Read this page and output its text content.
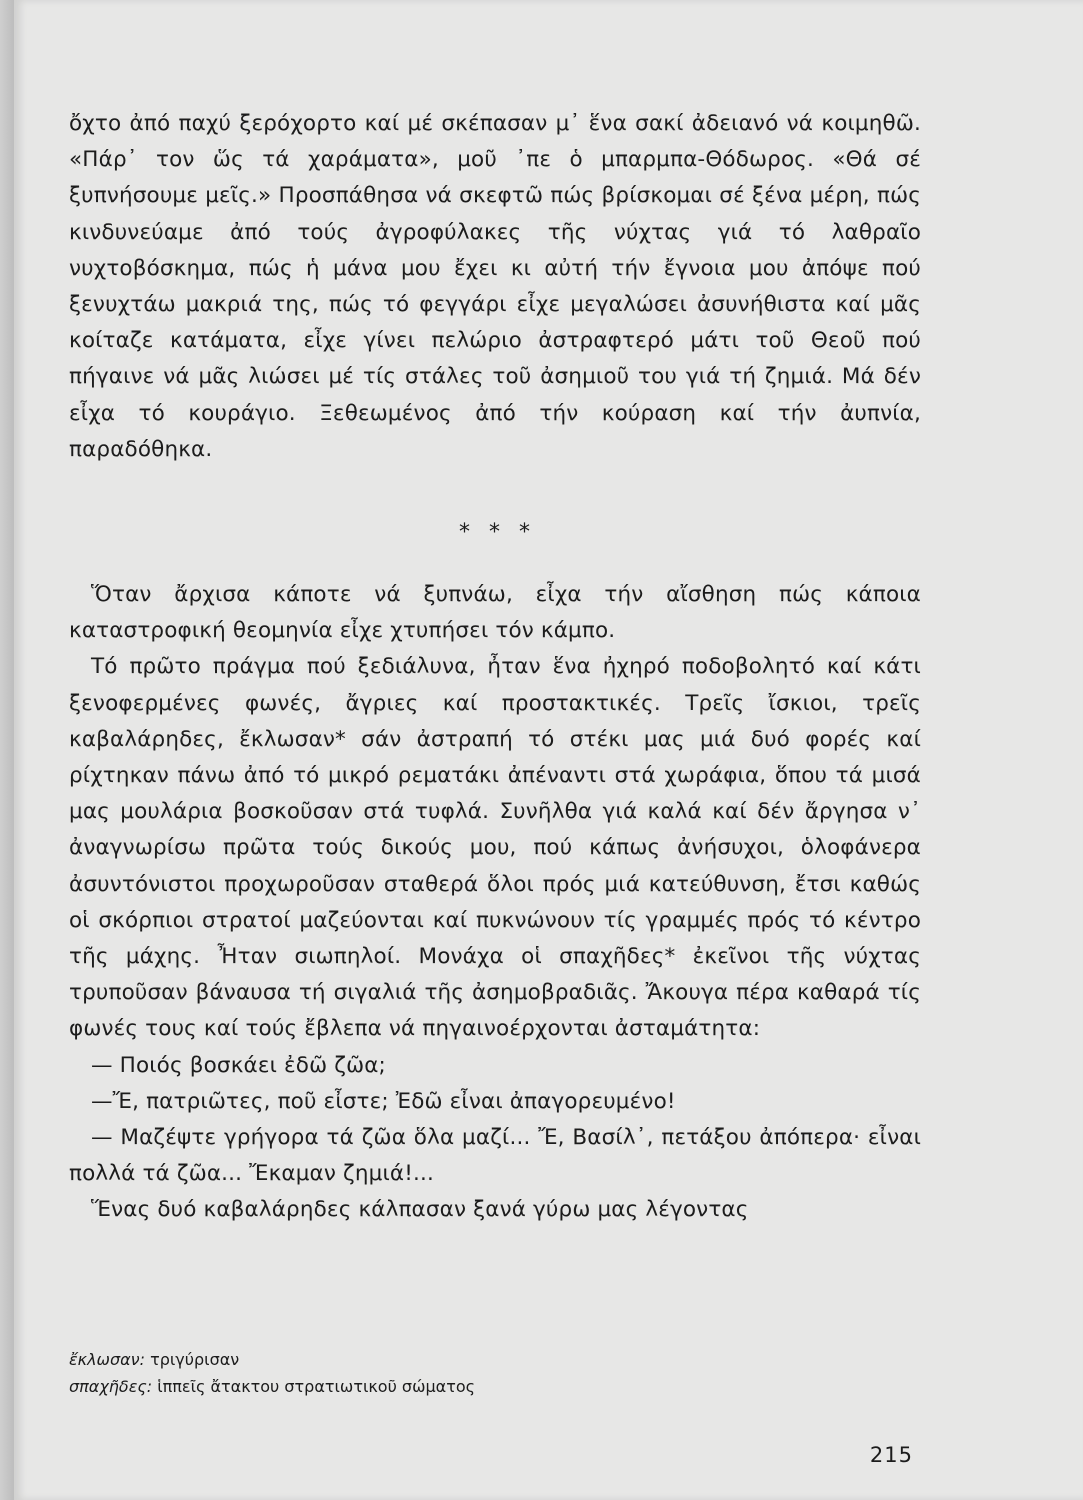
ὄχτο ἀπό παχύ ξερόχορτο καί μέ σκέπασαν μ᾽ ἕνα σακί ἀδειανό νά κοιμηθῶ. «Πάρ᾽ τον ὥς τά χαράματα», μοῦ ᾽πε ὁ μπαρμπα-Θόδωρος. «Θά σέ ξυπνήσουμε μεῖς.» Προσπάθησα νά σκεφτῶ πώς βρίσκομαι σέ ξένα μέρη, πώς κινδυνεύαμε ἀπό τούς ἀγροφύλακες τῆς νύχτας γιά τό λαθραῖο νυχτοβόσκημα, πώς ἡ μάνα μου ἔχει κι αὐτή τήν ἔγνοια μου ἀπόψε πού ξενυχτάω μακριά της, πώς τό φεγγάρι εἶχε μεγαλώσει ἀσυνήθιστα καί μᾶς κοίταζε κατάματα, εἶχε γίνει πελώριο ἀστραφτερό μάτι τοῦ Θεοῦ πού πήγαινε νά μᾶς λιώσει μέ τίς στάλες τοῦ ἀσημιοῦ του γιά τή ζημιά. Μά δέν εἶχα τό κουράγιο. Ξεθεωμένος ἀπό τήν κούραση καί τήν ἀυπνία, παραδόθηκα.

* * *

Ὅταν ἄρχισα κάποτε νά ξυπνάω, εἶχα τήν αἴσθηση πώς κάποια καταστροφική θεομηνία εἶχε χτυπήσει τόν κάμπο.

Τό πρῶτο πράγμα πού ξεδιάλυνα, ἦταν ἕνα ἠχηρό ποδοβολητό καί κάτι ξενοφερμένες φωνές, ἄγριες καί προστακτικές. Τρεῖς ἴσκιοι, τρεῖς καβαλάρηδες, ἔκλωσαν* σάν ἀστραπή τό στέκι μας μιά δυό φορές καί ρίχτηκαν πάνω ἀπό τό μικρό ρεματάκι ἀπέναντι στά χωράφια, ὅπου τά μισά μας μουλάρια βοσκοῦσαν στά τυφλά. Συνῆλθα γιά καλά καί δέν ἄργησα ν᾽ ἀναγνωρίσω πρῶτα τούς δικούς μου, πού κάπως ἀνήσυχοι, ὁλοφάνερα ἀσυντόνιστοι προχωροῦσαν σταθερά ὅλοι πρός μιά κατεύθυνση, ἔτσι καθώς οἱ σκόρπιοι στρατοί μαζεύονται καί πυκνώνουν τίς γραμμές πρός τό κέντρο τῆς μάχης. Ἦταν σιωπηλοί. Μονάχα οἱ σπαχῆδες* ἐκεῖνοι τῆς νύχτας τρυποῦσαν βάναυσα τή σιγαλιά τῆς ἀσημοβραδιᾶς. Ἄκουγα πέρα καθαρά τίς φωνές τους καί τούς ἔβλεπα νά πηγαινοέρχονται ἀσταμάτητα:

— Ποιός βοσκάει ἐδῶ ζῶα;

—Ἔ, πατριῶτες, ποῦ εἶστε; Ἐδῶ εἶναι ἀπαγορευμένο!

— Μαζέψτε γρήγορα τά ζῶα ὅλα μαζί... Ἔ, Βασίλ᾽, πετάξου ἀπόπερα· εἶναι πολλά τά ζῶα... Ἔκαμαν ζημιά!...

Ἕνας δυό καβαλάρηδες κάλπασαν ξανά γύρω μας λέγοντας

ἔκλωσαν: τριγύρισαν
σπαχῆδες: ἱππεῖς ἄτακτου στρατιωτικοῦ σώματος
215
